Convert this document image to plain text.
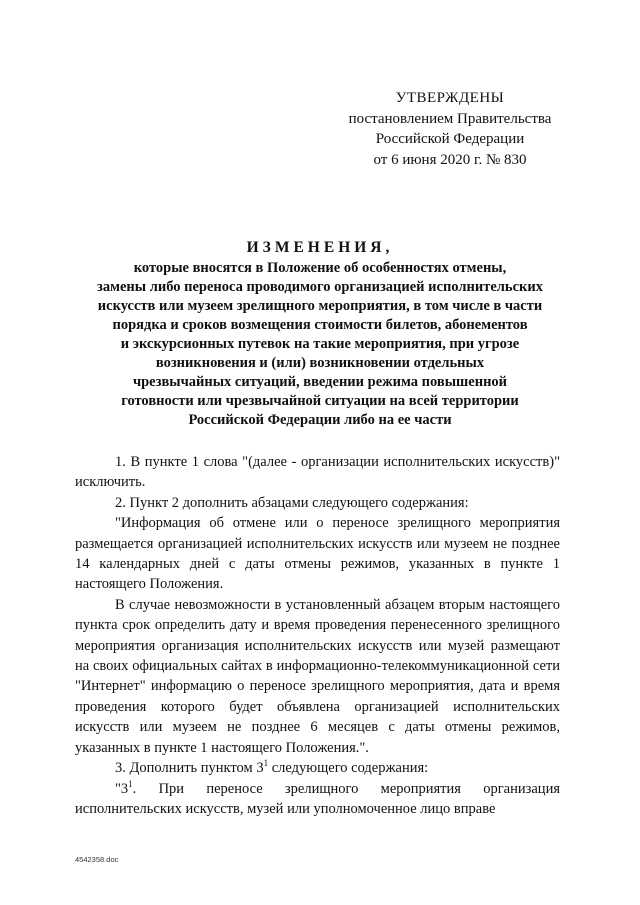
УТВЕРЖДЕНЫ
постановлением Правительства
Российской Федерации
от 6 июня 2020 г. № 830
ИЗМЕНЕНИЯ,
которые вносятся в Положение об особенностях отмены,
замены либо переноса проводимого организацией исполнительских
искусств или музеем зрелищного мероприятия, в том числе в части
порядка и сроков возмещения стоимости билетов, абонементов
и экскурсионных путевок на такие мероприятия, при угрозе
возникновения и (или) возникновении отдельных
чрезвычайных ситуаций, введении режима повышенной
готовности или чрезвычайной ситуации на всей территории
Российской Федерации либо на ее части

1. В пункте 1 слова "(далее - организации исполнительских искусств)" исключить.

2. Пункт 2 дополнить абзацами следующего содержания:

"Информация об отмене или о переносе зрелищного мероприятия размещается организацией исполнительских искусств или музеем не позднее 14 календарных дней с даты отмены режимов, указанных в пункте 1 настоящего Положения.

В случае невозможности в установленный абзацем вторым настоящего пункта срок определить дату и время проведения перенесенного зрелищного мероприятия организация исполнительских искусств или музей размещают на своих официальных сайтах в информационно-телекоммуникационной сети "Интернет" информацию о переносе зрелищного мероприятия, дата и время проведения которого будет объявлена организацией исполнительских искусств или музеем не позднее 6 месяцев с даты отмены режимов, указанных в пункте 1 настоящего Положения.".

3. Дополнить пунктом $3^1$ следующего содержания:

"$3^1$. При переносе зрелищного мероприятия организация исполнительских искусств, музей или уполномоченное лицо вправе

4542358.doc
